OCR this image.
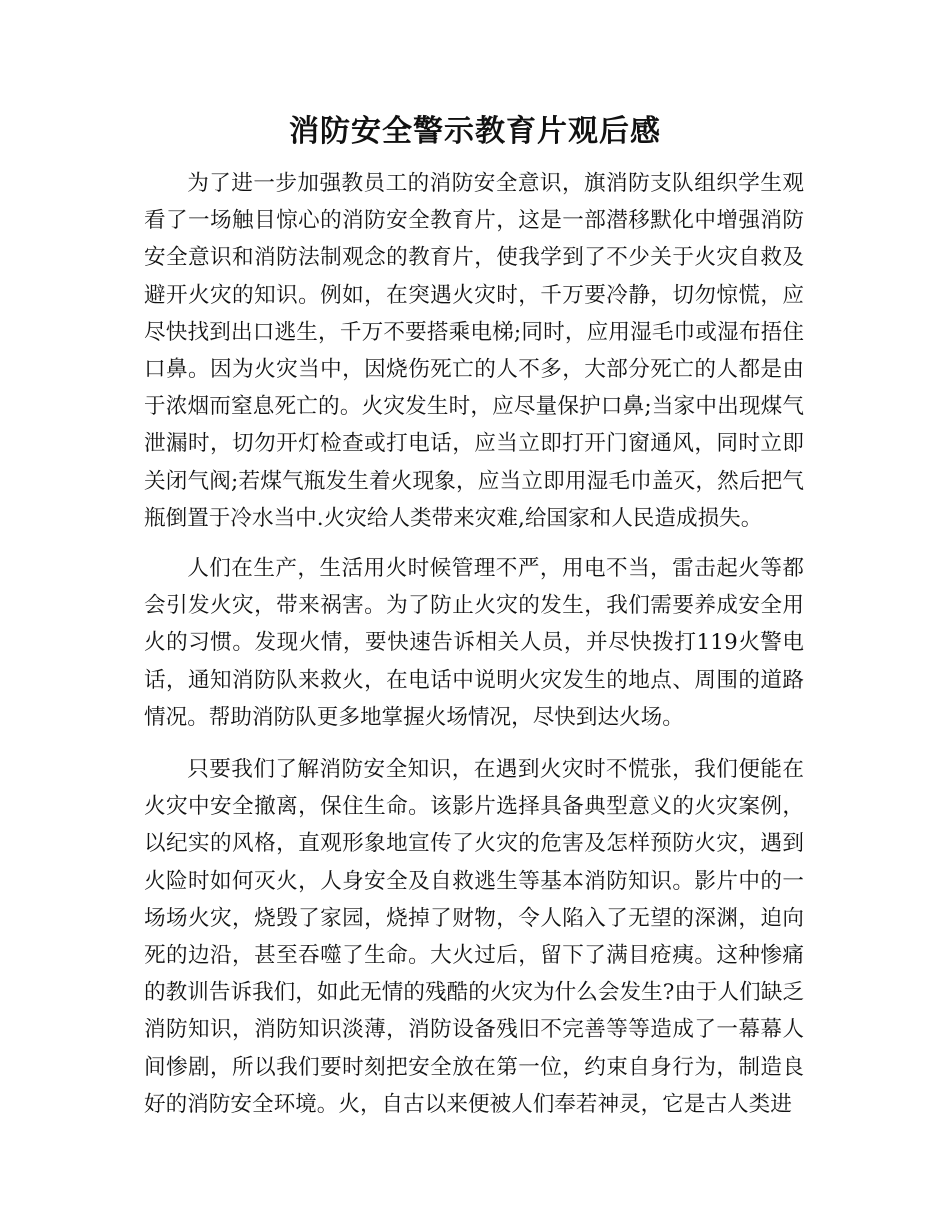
消防安全警示教育片观后感

为了进一步加强教员工的消防安全意识，旗消防支队组织学生观看了一场触目惊心的消防安全教育片，这是一部潜移默化中增强消防安全意识和消防法制观念的教育片，使我学到了不少关于火灾自救及避开火灾的知识。例如，在突遇火灾时，千万要冷静，切勿惊慌，应尽快找到出口逃生，千万不要搭乘电梯;同时，应用湿毛巾或湿布捂住口鼻。因为火灾当中，因烧伤死亡的人不多，大部分死亡的人都是由于浓烟而窒息死亡的。火灾发生时，应尽量保护口鼻;当家中出现煤气泄漏时，切勿开灯检查或打电话，应当立即打开门窗通风，同时立即关闭气阀;若煤气瓶发生着火现象，应当立即用湿毛巾盖灭，然后把气瓶倒置于冷水当中.火灾给人类带来灾难,给国家和人民造成损失。

人们在生产，生活用火时候管理不严，用电不当，雷击起火等都会引发火灾，带来祸害。为了防止火灾的发生，我们需要养成安全用火的习惯。发现火情，要快速告诉相关人员，并尽快拨打119火警电话，通知消防队来救火，在电话中说明火灾发生的地点、周围的道路情况。帮助消防队更多地掌握火场情况，尽快到达火场。

只要我们了解消防安全知识，在遇到火灾时不慌张，我们便能在火灾中安全撤离，保住生命。该影片选择具备典型意义的火灾案例，以纪实的风格，直观形象地宣传了火灾的危害及怎样预防火灾，遇到火险时如何灭火，人身安全及自救逃生等基本消防知识。影片中的一场场火灾，烧毁了家园，烧掉了财物，令人陷入了无望的深渊，迫向死的边沿，甚至吞噬了生命。大火过后，留下了满目疮痍。这种惨痛的教训告诉我们，如此无情的残酷的火灾为什么会发生?由于人们缺乏消防知识，消防知识淡薄，消防设备残旧不完善等等造成了一幕幕人间惨剧，所以我们要时刻把安全放在第一位，约束自身行为，制造良好的消防安全环境。火，自古以来便被人们奉若神灵，它是古人类进
